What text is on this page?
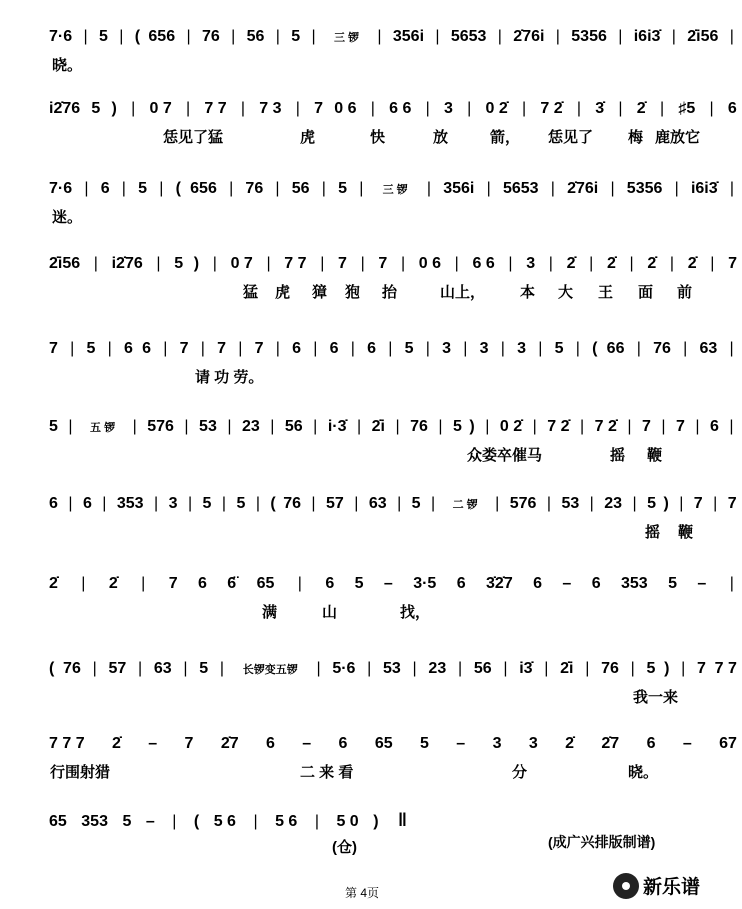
7·6 | 5 | ( 656 | 76 | 56 | 5 | 三 锣 | 356i | 5653 | 2̇76i | 5356 | i6i3̇ | 2̇i56 |
晓。
i2̇76 5 ) | 0 7 | 7 7 | 7 3 | 7 0 6 | 6 6 | 3 | 0 2̇ | 7 2̇ | 3̇ | 2̇ | ♯5 | 6
恁见了猛	虎	快	放	箭， 恁见了 梅 鹿放它
7·6 | 6 | 5 | ( 656 | 76 | 56 | 5 | 三 锣 | 356i | 5653 | 2̇76i | 5356 | i6i3̇ |
迷。
2̇i56 | i2̇76 | 5 ) | 0 7 | 7 7 | 7 | 7 | 0 6 | 6 6 | 3 | 2̇ | 2̇ | 2̇ | 2̇ | 7
猛 虎 獐 狍 抬	山上， 本 大 王 面 前
7 | 5 | 6 6 | 7 | 7 | 7 | 6 | 6 | 6 | 5 | 3 | 3 | 3 | 5 | ( 66 | 76 | 63 |
请 功 劳。
5 | 五 锣 | 576 | 53 | 23 | 56 | i·3̇ | 2̇i | 76 | 5 ) | 0 2̇ | 7 2̇ | 7 2̇ | 7 | 7 | 6 |
众娄卒催马	摇 鞭
6 | 6 | 353 | 3 | 5 | 5 | ( 76 | 57 | 63 | 5 | 二 锣 | 576 | 53 | 23 | 5 ) | 7 | 7
摇 鞭
2̇ | 2̇ | 7 6 6̈ 65 | 6 5 – 3·5 6 3̇2̇7 6 – 6 353 5 – |
满	山	找，
( 76 | 57 | 63 | 5 | 长锣变五锣 | 5·6 | 53 | 23 | 56 | i3̇ | 2̇i | 76 | 5 ) | 7 7 7
我一来
7 7 7 2̇ – 7 2̇7 6 – 6 65 5 – 3 3 2̇ 2̇7 6 – 67
行围射猎	二 来 看	分	晓。
65 353 5 – | ( 5 6 | 5 6 | 5 0 ) ‖
(仓)	(成广兴排版制谱)
第 4页	新乐谱
